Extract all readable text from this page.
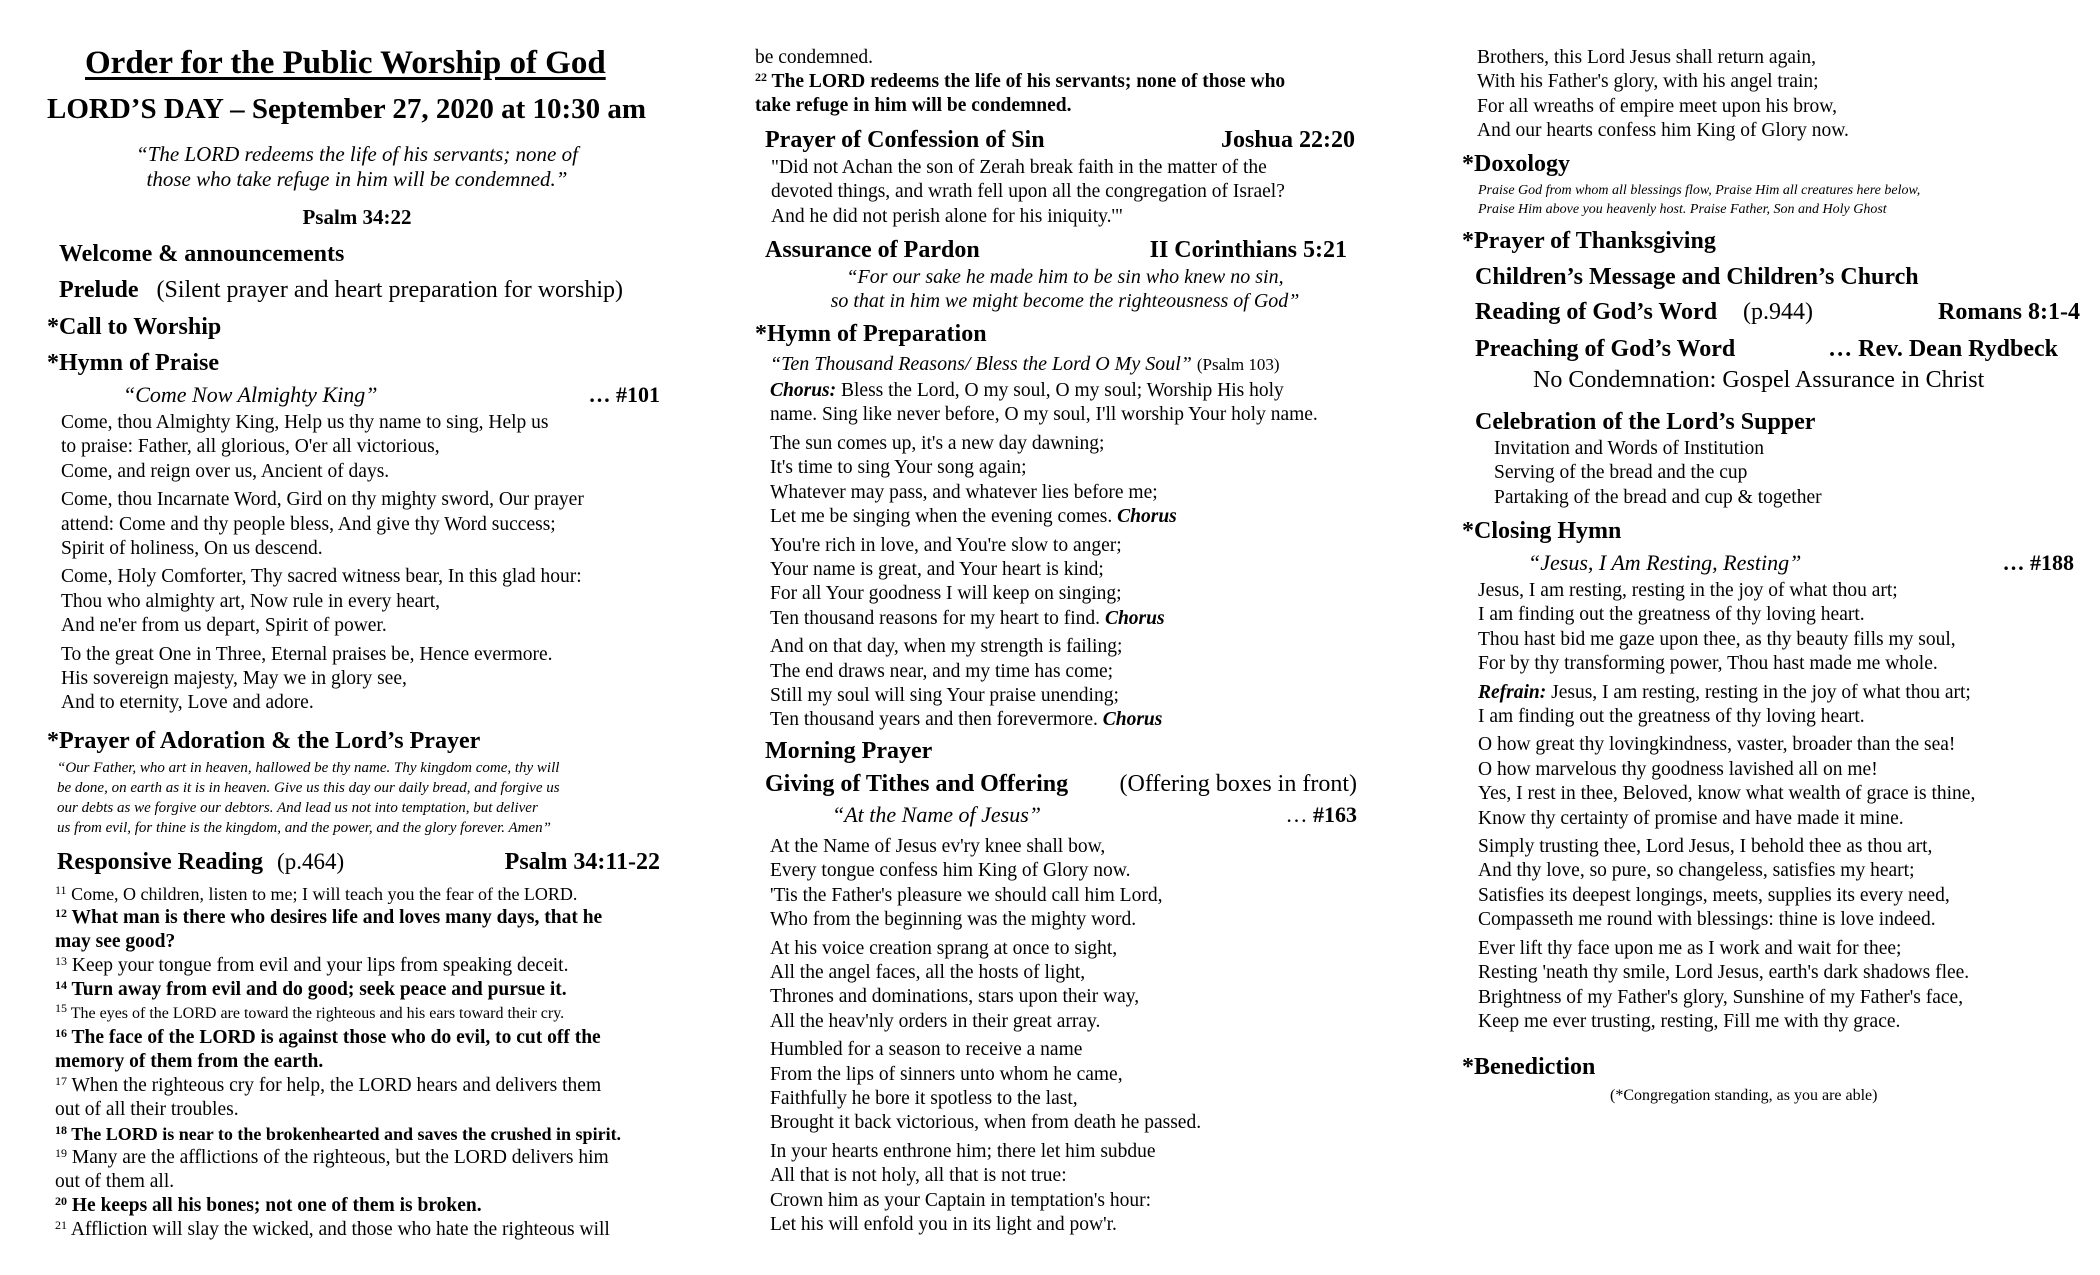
Order for the Public Worship of God
LORD’S DAY – September 27, 2020 at 10:30 am
“The LORD redeems the life of his servants; none of
those who take refuge in him will be condemned.”
Psalm 34:22
Welcome & announcements
Prelude (Silent prayer and heart preparation for worship)
*Call to Worship
*Hymn of Praise
“Come Now Almighty King”	… #101
Come, thou Almighty King, Help us thy name to sing, Help us
to praise: Father, all glorious, O'er all victorious,
Come, and reign over us, Ancient of days.
Come, thou Incarnate Word, Gird on thy mighty sword, Our prayer
attend: Come and thy people bless, And give thy Word success;
Spirit of holiness, On us descend.
Come, Holy Comforter, Thy sacred witness bear, In this glad hour:
Thou who almighty art, Now rule in every heart,
And ne'er from us depart, Spirit of power.
To the great One in Three, Eternal praises be, Hence evermore.
His sovereign majesty, May we in glory see,
And to eternity, Love and adore.
*Prayer of Adoration & the Lord’s Prayer
“Our Father, who art in heaven, hallowed be thy name. Thy kingdom come, thy will
be done, on earth as it is in heaven. Give us this day our daily bread, and forgive us
our debts as we forgive our debtors. And lead us not into temptation, but deliver
us from evil, for thine is the kingdom, and the power, and the glory forever. Amen”
Responsive Reading (p.464)	Psalm 34:11-22
$^{11}$ Come, O children, listen to me; I will teach you the fear of the LORD.
$^{12}$ What man is there who desires life and loves many days, that he
may see good?
$^{13}$ Keep your tongue from evil and your lips from speaking deceit.
$^{14}$ Turn away from evil and do good; seek peace and pursue it.
$^{15}$ The eyes of the LORD are toward the righteous and his ears toward their cry.
$^{16}$ The face of the LORD is against those who do evil, to cut off the
memory of them from the earth.
$^{17}$ When the righteous cry for help, the LORD hears and delivers them
out of all their troubles.
$^{18}$ The LORD is near to the brokenhearted and saves the crushed in spirit.
$^{19}$ Many are the afflictions of the righteous, but the LORD delivers him
out of them all.
$^{20}$ He keeps all his bones; not one of them is broken.
$^{21}$ Affliction will slay the wicked, and those who hate the righteous will
be condemned.
$^{22}$ The LORD redeems the life of his servants; none of those who
take refuge in him will be condemned.
Prayer of Confession of Sin	Joshua 22:20
"Did not Achan the son of Zerah break faith in the matter of the
devoted things, and wrath fell upon all the congregation of Israel?
And he did not perish alone for his iniquity.'"
Assurance of Pardon	II Corinthians 5:21
“For our sake he made him to be sin who knew no sin,
so that in him we might become the righteousness of God”
*Hymn of Preparation
“Ten Thousand Reasons/ Bless the Lord O My Soul” (Psalm 103)
Chorus: Bless the Lord, O my soul, O my soul; Worship His holy
name. Sing like never before, O my soul, I'll worship Your holy name.
The sun comes up, it's a new day dawning;
It's time to sing Your song again;
Whatever may pass, and whatever lies before me;
Let me be singing when the evening comes. Chorus
You're rich in love, and You're slow to anger;
Your name is great, and Your heart is kind;
For all Your goodness I will keep on singing;
Ten thousand reasons for my heart to find. Chorus
And on that day, when my strength is failing;
The end draws near, and my time has come;
Still my soul will sing Your praise unending;
Ten thousand years and then forevermore. Chorus
Morning Prayer
Giving of Tithes and Offering (Offering boxes in front)
“At the Name of Jesus”	… #163
At the Name of Jesus ev'ry knee shall bow,
Every tongue confess him King of Glory now.
'Tis the Father's pleasure we should call him Lord,
Who from the beginning was the mighty word.
At his voice creation sprang at once to sight,
All the angel faces, all the hosts of light,
Thrones and dominations, stars upon their way,
All the heav'nly orders in their great array.
Humbled for a season to receive a name
From the lips of sinners unto whom he came,
Faithfully he bore it spotless to the last,
Brought it back victorious, when from death he passed.
In your hearts enthrone him; there let him subdue
All that is not holy, all that is not true:
Crown him as your Captain in temptation's hour:
Let his will enfold you in its light and pow'r.
Brothers, this Lord Jesus shall return again,
With his Father's glory, with his angel train;
For all wreaths of empire meet upon his brow,
And our hearts confess him King of Glory now.
*Doxology
Praise God from whom all blessings flow, Praise Him all creatures here below,
Praise Him above you heavenly host. Praise Father, Son and Holy Ghost
*Prayer of Thanksgiving
Children’s Message and Children’s Church
Reading of God’s Word (p.944)	Romans 8:1-4
Preaching of God’s Word	… Rev. Dean Rydbeck
No Condemnation: Gospel Assurance in Christ
Celebration of the Lord’s Supper
Invitation and Words of Institution
Serving of the bread and the cup
Partaking of the bread and cup & together
*Closing Hymn
“Jesus, I Am Resting, Resting”	… #188
Jesus, I am resting, resting in the joy of what thou art;
I am finding out the greatness of thy loving heart.
Thou hast bid me gaze upon thee, as thy beauty fills my soul,
For by thy transforming power, Thou hast made me whole.
Refrain: Jesus, I am resting, resting in the joy of what thou art;
I am finding out the greatness of thy loving heart.
O how great thy lovingkindness, vaster, broader than the sea!
O how marvelous thy goodness lavished all on me!
Yes, I rest in thee, Beloved, know what wealth of grace is thine,
Know thy certainty of promise and have made it mine.
Simply trusting thee, Lord Jesus, I behold thee as thou art,
And thy love, so pure, so changeless, satisfies my heart;
Satisfies its deepest longings, meets, supplies its every need,
Compasseth me round with blessings: thine is love indeed.
Ever lift thy face upon me as I work and wait for thee;
Resting 'neath thy smile, Lord Jesus, earth's dark shadows flee.
Brightness of my Father's glory, Sunshine of my Father's face,
Keep me ever trusting, resting, Fill me with thy grace.
*Benediction
(*Congregation standing, as you are able)
